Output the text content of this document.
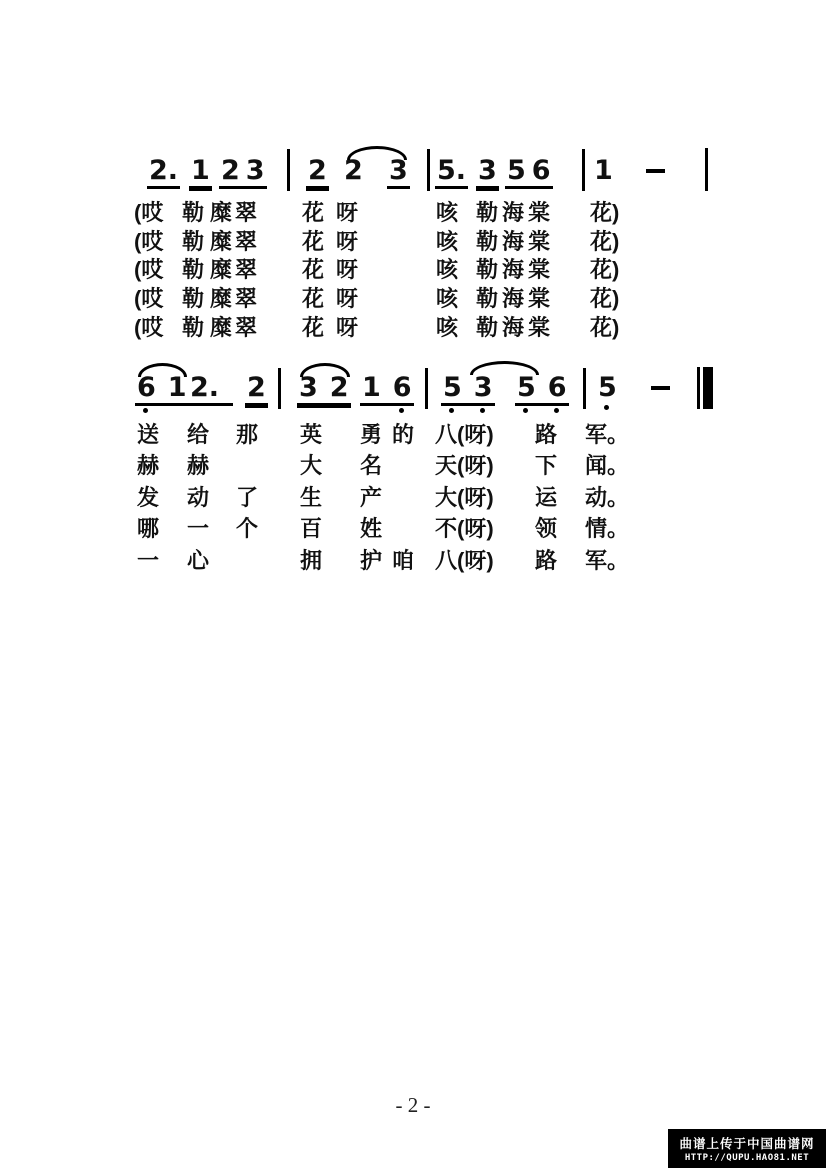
2. 1 2 3 2 2 3 5. 3 5 6 1
(哎 勒 糜翠 花呀	咳 勒海棠 花)
(哎 勒 糜翠 花呀	咳 勒海棠 花)
(哎 勒 糜翠 花呀	咳 勒海棠 花)
(哎 勒 糜翠 花呀	咳 勒海棠 花)
(哎 勒 糜翠 花呀	咳 勒海棠 花)
6 1 2. 2 3 2 1 6 5 3 5 6 5
送 给 那 英 勇的 八(呀) 路 军。
赫 赫	大 名 天(呀) 下 闻。
发 动 了 生 产 大(呀) 运 动。
哪 一 个 百 姓 不(呀) 领 情。
一 心	拥 护咱 八(呀) 路 军。
- 2 -
曲谱上传于中国曲谱网
HTTP://QUPU.HAO81.NET
